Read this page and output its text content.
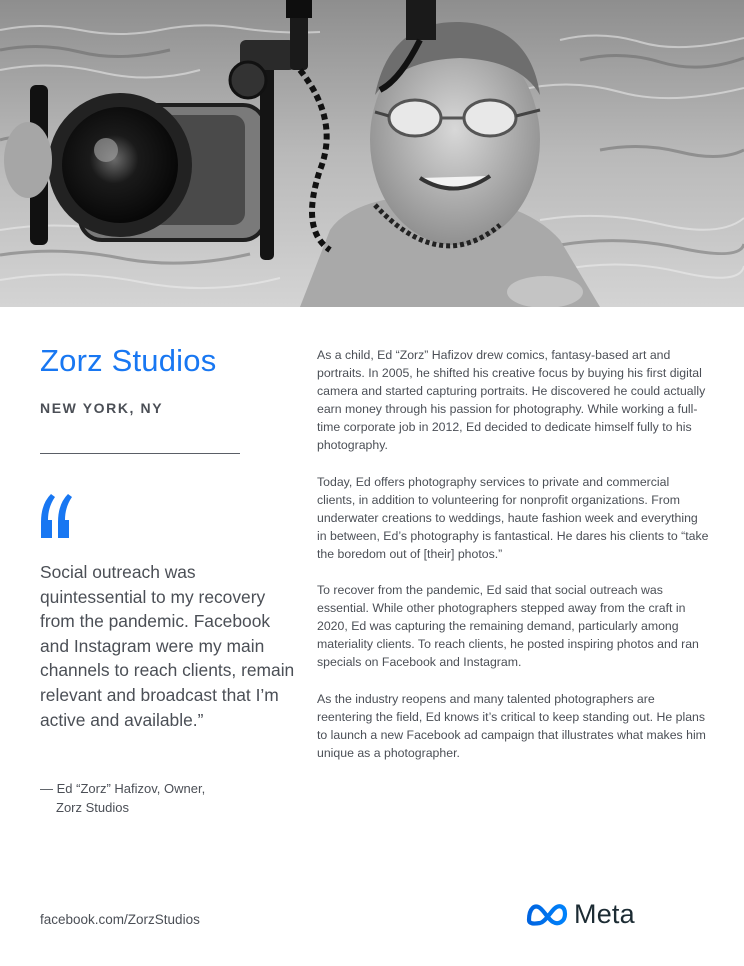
Zorz Studios

NEW YORK, NY

Social outreach was quintessential to my recovery from the pandemic. Facebook and Instagram were my main channels to reach clients, remain relevant and broadcast that I’m active and available.”

— Ed “Zorz” Hafizov, Owner,
Zorz Studios

As a child, Ed “Zorz” Hafizov drew comics, fantasy-based art and portraits. In 2005, he shifted his creative focus by buying his first digital camera and started capturing portraits. He discovered he could actually earn money through his passion for photography. While working a full-time corporate job in 2012, Ed decided to dedicate himself fully to his photography.

Today, Ed offers photography services to private and commercial clients, in addition to volunteering for nonprofit organizations. From underwater creations to weddings, haute fashion week and everything in between, Ed’s photography is fantastical. He dares his clients to “take the boredom out of [their] photos.”

To recover from the pandemic, Ed said that social outreach was essential. While other photographers stepped away from the craft in 2020, Ed was capturing the remaining demand, particularly among materiality clients. To reach clients, he posted inspiring photos and ran specials on Facebook and Instagram.

As the industry reopens and many talented photographers are reentering the field, Ed knows it’s critical to keep standing out. He plans to launch a new Facebook ad campaign that illustrates what makes him unique as a photographer.

facebook.com/ZorzStudios	Meta
